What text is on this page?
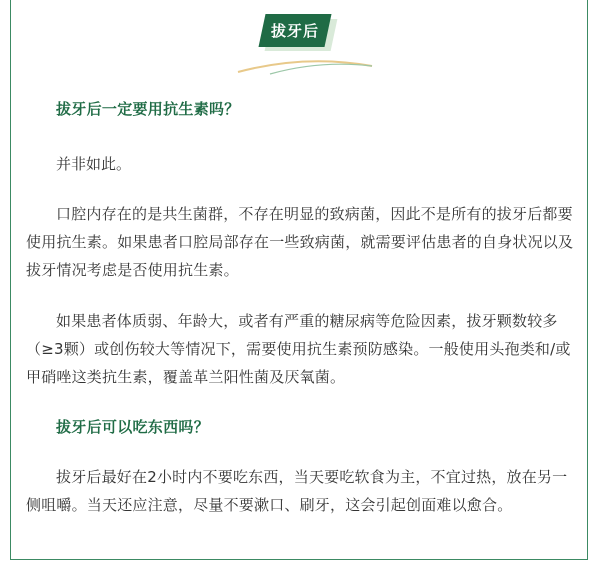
拔牙后
拔牙后一定要用抗生素吗？
并非如此。
口腔内存在的是共生菌群，不存在明显的致病菌，因此不是所有的拔牙后都要使用抗生素。如果患者口腔局部存在一些致病菌，就需要评估患者的自身状况以及拔牙情况考虑是否使用抗生素。
如果患者体质弱、年龄大，或者有严重的糖尿病等危险因素，拔牙颗数较多（≥3颗）或创伤较大等情况下，需要使用抗生素预防感染。一般使用头孢类和/或甲硝唑这类抗生素，覆盖革兰阳性菌及厌氧菌。
拔牙后可以吃东西吗？
拔牙后最好在2小时内不要吃东西，当天要吃软食为主，不宜过热，放在另一侧咀嚼。当天还应注意，尽量不要漱口、刷牙，这会引起创面难以愈合。
